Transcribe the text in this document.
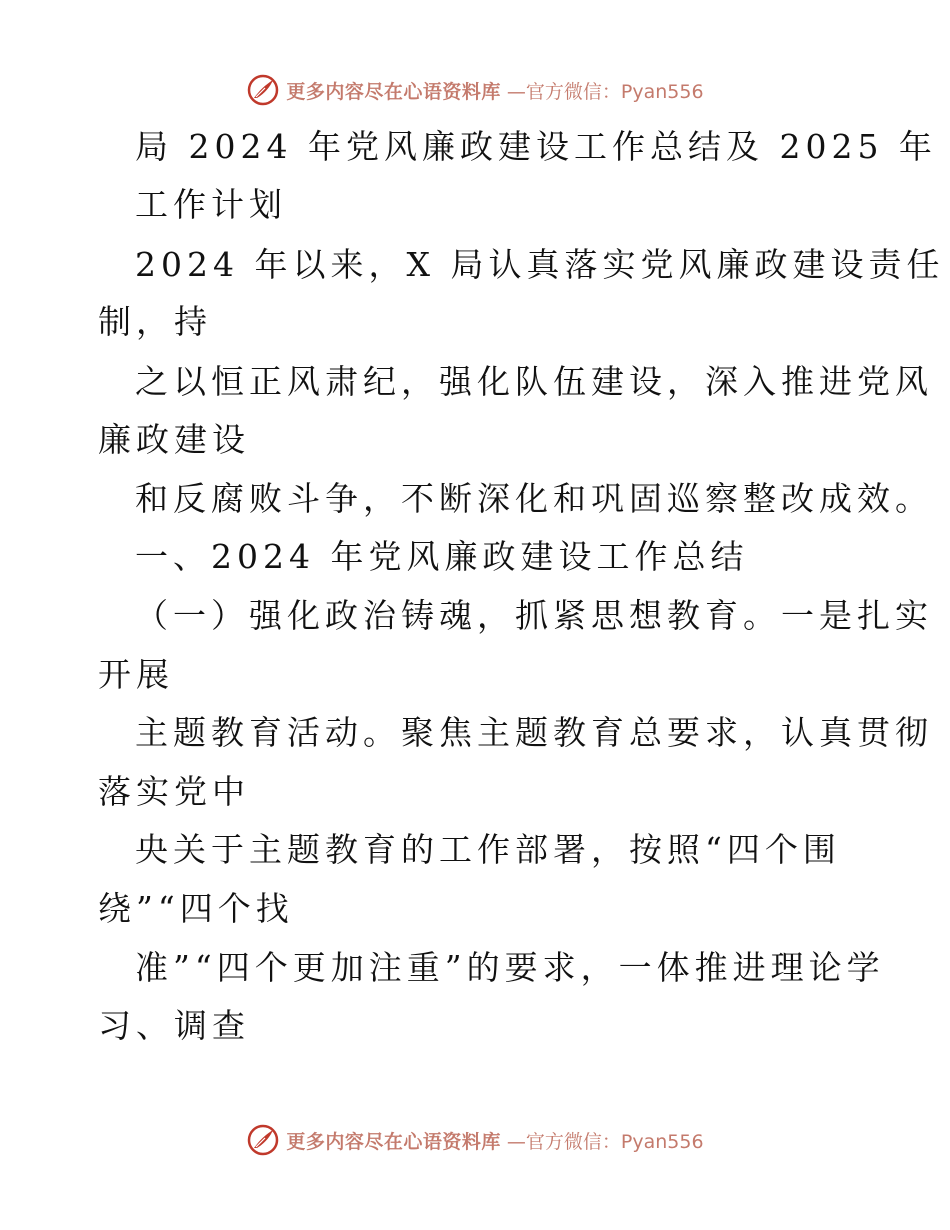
更多内容尽在心语资料库 —官方微信：Pyan556
局 2024 年党风廉政建设工作总结及 2025 年
工作计划
2024 年以来，X 局认真落实党风廉政建设责任
制，持
之以恒正风肃纪，强化队伍建设，深入推进党风
廉政建设
和反腐败斗争，不断深化和巩固巡察整改成效。
一、2024 年党风廉政建设工作总结
（一）强化政治铸魂，抓紧思想教育。一是扎实
开展
主题教育活动。聚焦主题教育总要求，认真贯彻
落实党中
央关于主题教育的工作部署，按照“四个围
绕”“四个找
准”“四个更加注重”的要求，一体推进理论学
习、调查
更多内容尽在心语资料库 —官方微信：Pyan556
